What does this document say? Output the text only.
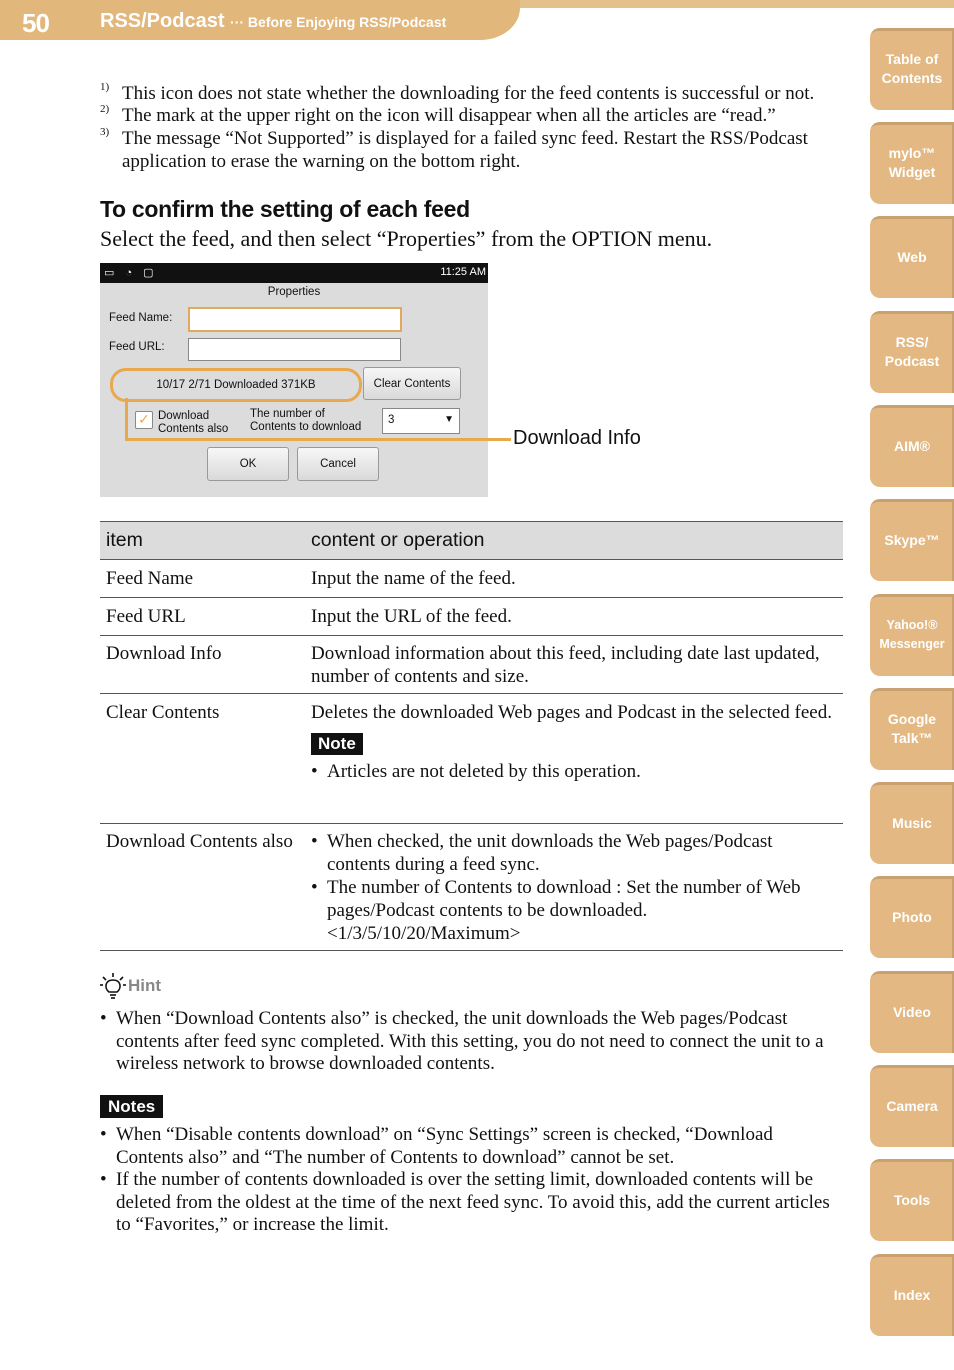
50	RSS/Podcast ··· Before Enjoying RSS/Podcast
Table of
Contents
mylo™
Widget
Web
RSS/
Podcast
AIM®
Skype™
Yahoo!®
Messenger
Google
Talk™
Music
Photo
Video
Camera
Tools
Index
1) This icon does not state whether the downloading for the feed contents is successful or not.
2) The mark at the upper right on the icon will disappear when all the articles are “read.”
3) The message “Not Supported” is displayed for a failed sync feed. Restart the RSS/Podcast application to erase the warning on the bottom right.
To confirm the setting of each feed
Select the feed, and then select “Properties” from the OPTION menu.
▭ ◔ ▢	11:25 AM
Properties
Feed Name:
Feed URL:
10/17 2/71 Downloaded 371KB	Clear Contents
✓ Download
Contents also
The number of
Contents to download
3	▼
OK	Cancel
Download Info
item	content or operation
Feed Name	Input the name of the feed.
Feed URL	Input the URL of the feed.
Download Info	Download information about this feed, including date last updated, number of contents and size.
Clear Contents	Deletes the downloaded Web pages and Podcast in the selected feed.
Note
• Articles are not deleted by this operation.
Download Contents also
•	When checked, the unit downloads the Web pages/Podcast contents during a feed sync.
• The number of Contents to download : Set the number of Web pages/Podcast contents to be downloaded. <1/3/5/10/20/Maximum>
Hint
• When “Download Contents also” is checked, the unit downloads the Web pages/Podcast contents after feed sync completed. With this setting, you do not need to connect the unit to a wireless network to browse downloaded contents.
Notes
• When “Disable contents download” on “Sync Settings” screen is checked, “Download Contents also” and “The number of Contents to download” cannot be set.
• If the number of contents downloaded is over the setting limit, downloaded contents will be deleted from the oldest at the time of the next feed sync. To avoid this, add the current articles to “Favorites,” or increase the limit.
